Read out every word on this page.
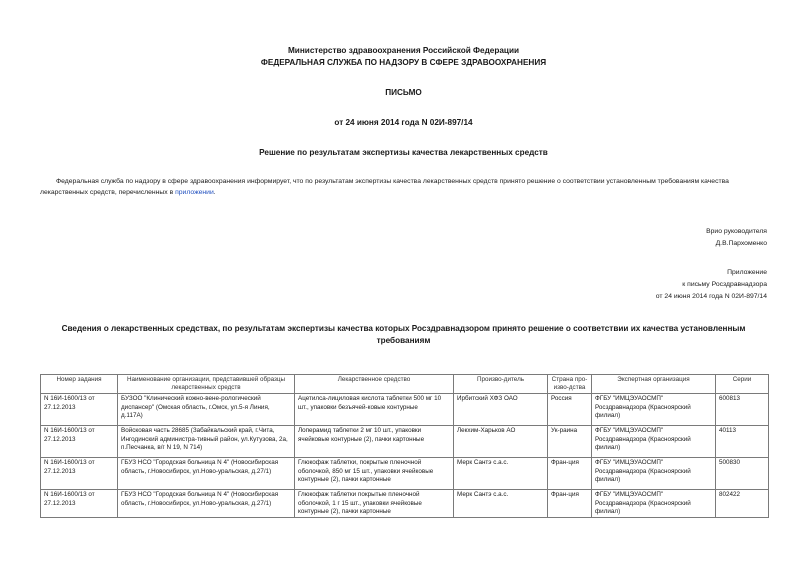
Министерство здравоохранения Российской Федерации
ФЕДЕРАЛЬНАЯ СЛУЖБА ПО НАДЗОРУ В СФЕРЕ ЗДРАВООХРАНЕНИЯ
ПИСЬМО
от 24 июня 2014 года N 02И-897/14
Решение по результатам экспертизы качества лекарственных средств
Федеральная служба по надзору в сфере здравоохранения информирует, что по результатам экспертизы качества лекарственных средств принято решение о соответствии установленным требованиям качества лекарственных средств, перечисленных в приложении.
Врио руководителя
Д.В.Пархоменко
Приложение
к письму Росздравнадзора
от 24 июня 2014 года N 02И-897/14
Сведения о лекарственных средствах, по результатам экспертизы качества которых Росздравнадзором принято решение о соответствии их качества установленным требованиям
Номер задания	Наименование организации, представившей образцы лекарственных средств	Лекарственное средство	Произво-дитель	Страна про-изво-дства	Экспертная организация	Серии
N 16И-1600/13 от 27.12.2013	БУЗОО "Клинический кожно-вене-рологический диспансер" (Омская область, г.Омск, ул.5-я Линия, д.117А)	Ацетилса-лициловая кислота таблетки 500 мг 10 шт., упаковки безъячей-ковые контурные	Ирбитский ХФЗ ОАО	Россия	ФГБУ "ИМЦЭУАОСМП" Росздравнадзора (Красноярский филиал)	600813
N 16И-1600/13 от 27.12.2013	Войсковая часть 28685 (Забайкальский край, г.Чита, Ингодинский администра-тивный район, ул.Кутузова, 2а, п.Песчанка, в/г N 19, N 714)	Лоперамид таблетки 2 мг 10 шт., упаковки ячейковые контурные (2), пачки картонные	Лекхим-Харьков АО	Ук-раина	ФГБУ "ИМЦЭУАОСМП" Росздравнадзора (Красноярский филиал)	40113
N 16И-1600/13 от 27.12.2013	ГБУЗ НСО "Городская больница N 4" (Новосибирская область, г.Новосибирск, ул.Ново-уральская, д.27/1)	Глюкофаж таблетки, покрытые пленочной оболочкой, 850 мг 15 шт., упаковки ячейковые контурные (2), пачки картонные	Мерк Сантэ с.а.с.	Фран-ция	ФГБУ "ИМЦЭУАОСМП" Росздравнадзора (Красноярский филиал)	500830
N 16И-1600/13 от 27.12.2013	ГБУЗ НСО "Городская больница N 4" (Новосибирская область, г.Новосибирск, ул.Ново-уральская, д.27/1)	Глюкофаж таблетки покрытые пленочной оболочкой, 1 г 15 шт., упаковки ячейковые контурные (2), пачки картонные	Мерк Сантэ с.а.с.	Фран-ция	ФГБУ "ИМЦЭУАОСМП" Росздравнадзора (Красноярский филиал)	802422
